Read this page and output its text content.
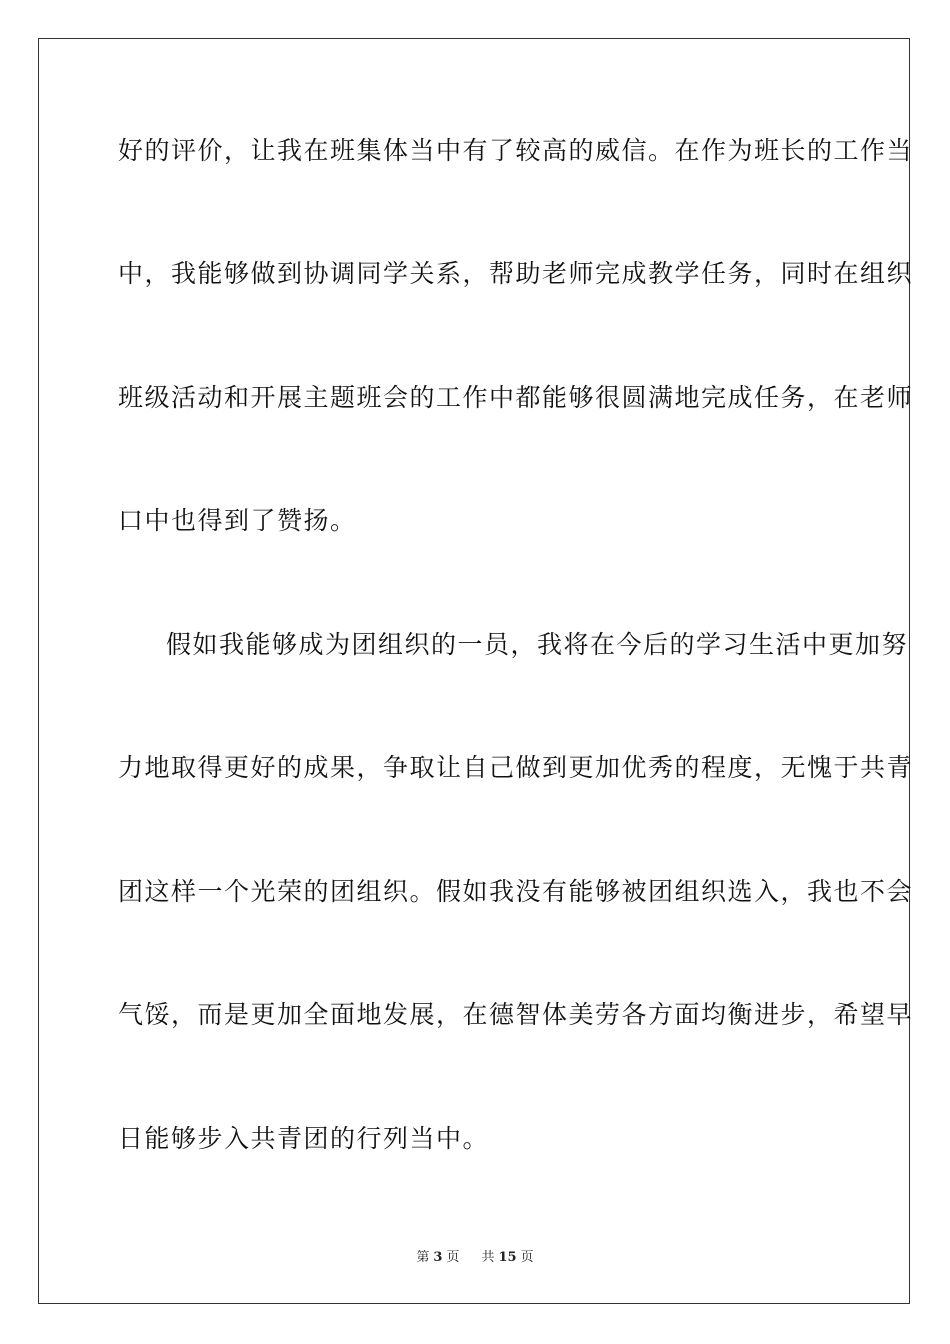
好的评价，让我在班集体当中有了较高的威信。在作为班长的工作当
中，我能够做到协调同学关系，帮助老师完成教学任务，同时在组织
班级活动和开展主题班会的工作中都能够很圆满地完成任务，在老师
口中也得到了赞扬。
假如我能够成为团组织的一员，我将在今后的学习生活中更加努
力地取得更好的成果，争取让自己做到更加优秀的程度，无愧于共青
团这样一个光荣的团组织。假如我没有能够被团组织选入，我也不会
气馁，而是更加全面地发展，在德智体美劳各方面均衡进步，希望早
日能够步入共青团的行列当中。
第 3 页 共 15 页
